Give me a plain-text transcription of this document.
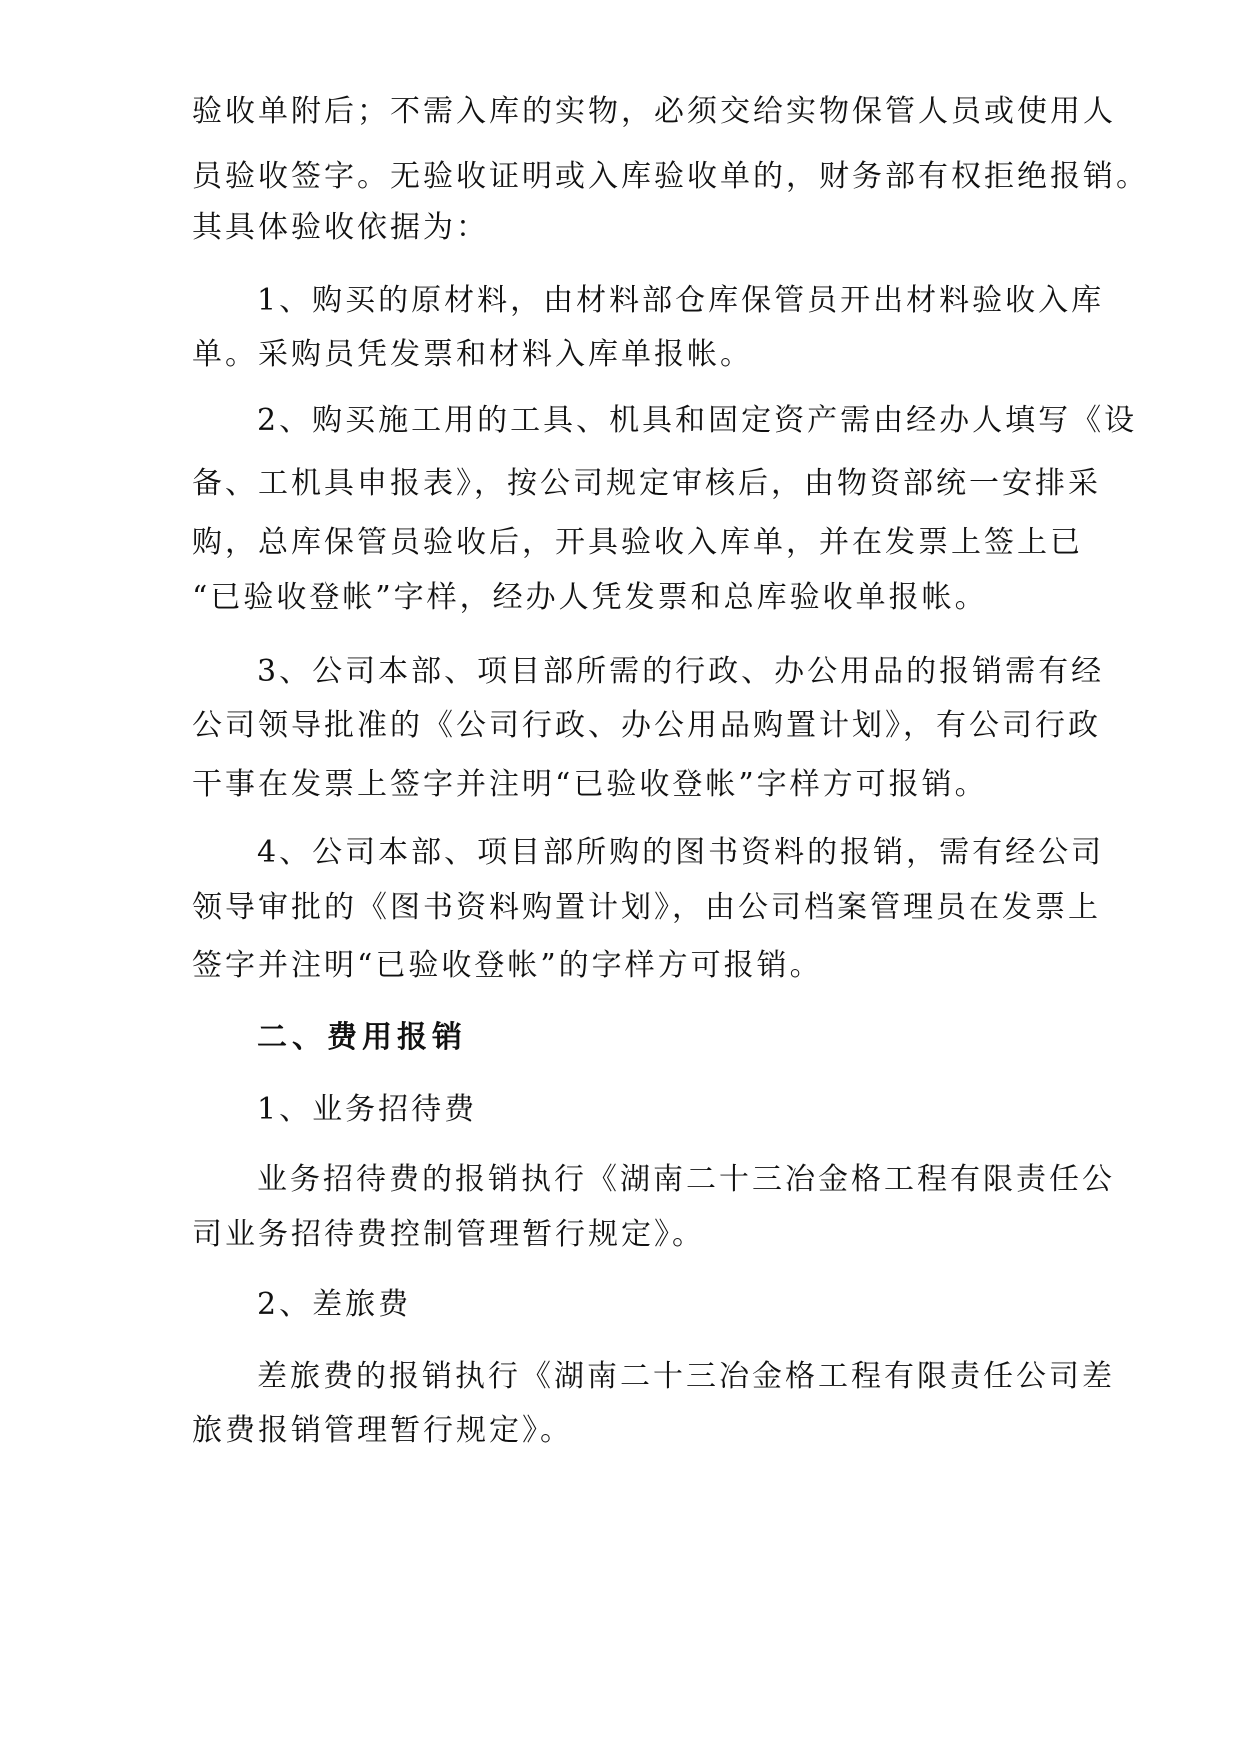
验收单附后；不需入库的实物，必须交给实物保管人员或使用人
员验收签字。无验收证明或入库验收单的，财务部有权拒绝报销。
其具体验收依据为：
1、购买的原材料，由材料部仓库保管员开出材料验收入库
单。采购员凭发票和材料入库单报帐。
2、购买施工用的工具、机具和固定资产需由经办人填写《设
备、工机具申报表》，按公司规定审核后，由物资部统一安排采
购，总库保管员验收后，开具验收入库单，并在发票上签上已
“已验收登帐”字样，经办人凭发票和总库验收单报帐。
3、公司本部、项目部所需的行政、办公用品的报销需有经
公司领导批准的《公司行政、办公用品购置计划》，有公司行政
干事在发票上签字并注明“已验收登帐”字样方可报销。
4、公司本部、项目部所购的图书资料的报销，需有经公司
领导审批的《图书资料购置计划》，由公司档案管理员在发票上
签字并注明“已验收登帐”的字样方可报销。
二、费用报销
1、业务招待费
业务招待费的报销执行《湖南二十三冶金格工程有限责任公
司业务招待费控制管理暂行规定》。
2、差旅费
差旅费的报销执行《湖南二十三冶金格工程有限责任公司差
旅费报销管理暂行规定》。
